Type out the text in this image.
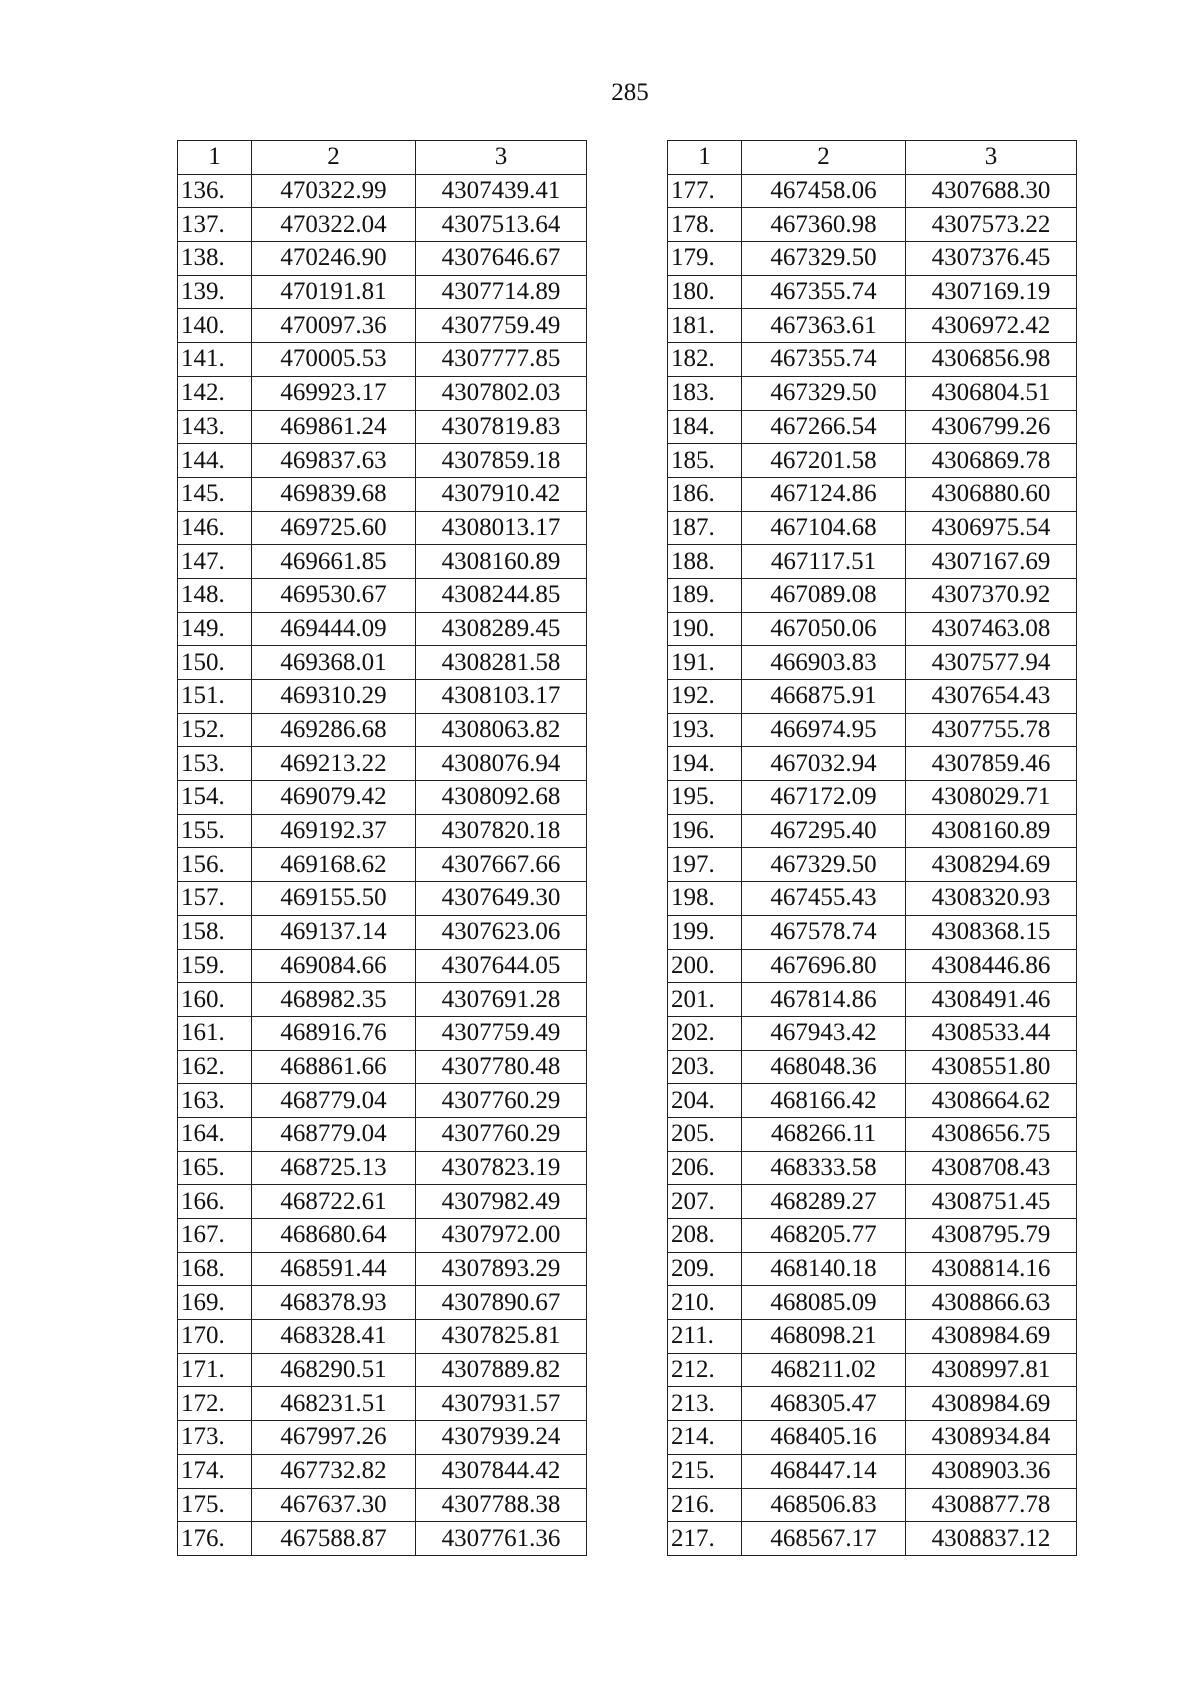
285
1	2	3
136.	470322.99	4307439.41
137.	470322.04	4307513.64
138.	470246.90	4307646.67
139.	470191.81	4307714.89
140.	470097.36	4307759.49
141.	470005.53	4307777.85
142.	469923.17	4307802.03
143.	469861.24	4307819.83
144.	469837.63	4307859.18
145.	469839.68	4307910.42
146.	469725.60	4308013.17
147.	469661.85	4308160.89
148.	469530.67	4308244.85
149.	469444.09	4308289.45
150.	469368.01	4308281.58
151.	469310.29	4308103.17
152.	469286.68	4308063.82
153.	469213.22	4308076.94
154.	469079.42	4308092.68
155.	469192.37	4307820.18
156.	469168.62	4307667.66
157.	469155.50	4307649.30
158.	469137.14	4307623.06
159.	469084.66	4307644.05
160.	468982.35	4307691.28
161.	468916.76	4307759.49
162.	468861.66	4307780.48
163.	468779.04	4307760.29
164.	468779.04	4307760.29
165.	468725.13	4307823.19
166.	468722.61	4307982.49
167.	468680.64	4307972.00
168.	468591.44	4307893.29
169.	468378.93	4307890.67
170.	468328.41	4307825.81
171.	468290.51	4307889.82
172.	468231.51	4307931.57
173.	467997.26	4307939.24
174.	467732.82	4307844.42
175.	467637.30	4307788.38
176.	467588.87	4307761.36
1	2	3
177.	467458.06	4307688.30
178.	467360.98	4307573.22
179.	467329.50	4307376.45
180.	467355.74	4307169.19
181.	467363.61	4306972.42
182.	467355.74	4306856.98
183.	467329.50	4306804.51
184.	467266.54	4306799.26
185.	467201.58	4306869.78
186.	467124.86	4306880.60
187.	467104.68	4306975.54
188.	467117.51	4307167.69
189.	467089.08	4307370.92
190.	467050.06	4307463.08
191.	466903.83	4307577.94
192.	466875.91	4307654.43
193.	466974.95	4307755.78
194.	467032.94	4307859.46
195.	467172.09	4308029.71
196.	467295.40	4308160.89
197.	467329.50	4308294.69
198.	467455.43	4308320.93
199.	467578.74	4308368.15
200.	467696.80	4308446.86
201.	467814.86	4308491.46
202.	467943.42	4308533.44
203.	468048.36	4308551.80
204.	468166.42	4308664.62
205.	468266.11	4308656.75
206.	468333.58	4308708.43
207.	468289.27	4308751.45
208.	468205.77	4308795.79
209.	468140.18	4308814.16
210.	468085.09	4308866.63
211.	468098.21	4308984.69
212.	468211.02	4308997.81
213.	468305.47	4308984.69
214.	468405.16	4308934.84
215.	468447.14	4308903.36
216.	468506.83	4308877.78
217.	468567.17	4308837.12
